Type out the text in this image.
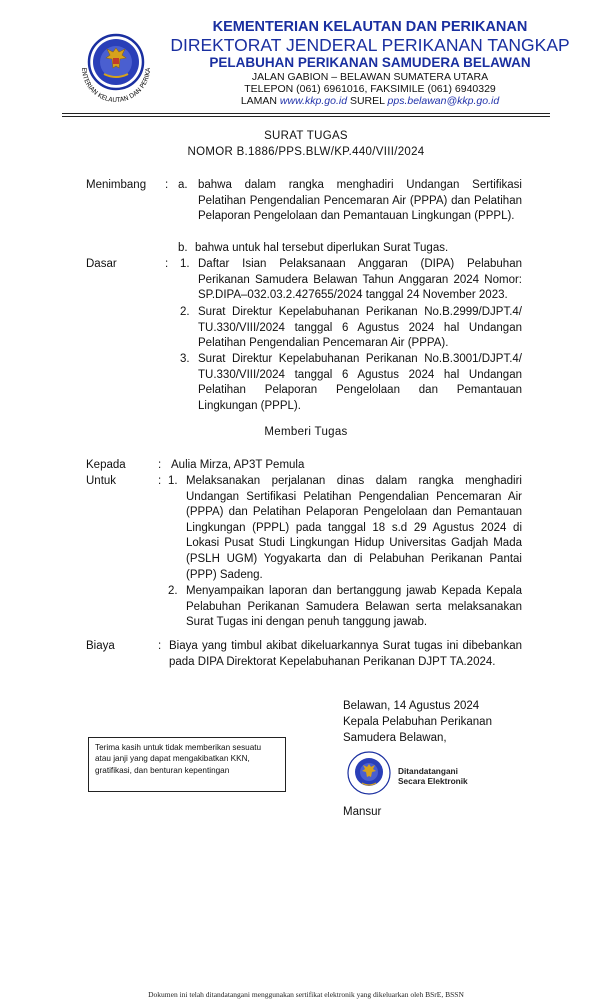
ENTERIAN KELAUTAN DAN PERIKA
KEMENTERIAN KELAUTAN DAN PERIKANAN
DIREKTORAT JENDERAL PERIKANAN TANGKAP
PELABUHAN PERIKANAN SAMUDERA BELAWAN
JALAN GABION – BELAWAN SUMATERA UTARA
TELEPON (061) 6961016, FAKSIMILE (061) 6940329
LAMAN www.kkp.go.id SUREL pps.belawan@kkp.go.id
SURAT TUGAS
NOMOR B.1886/PPS.BLW/KP.440/VIII/2024
Menimbang : a. bahwa dalam rangka menghadiri Undangan Sertifikasi Pelatihan Pengendalian Pencemaran Air (PPPA) dan Pelatihan Pelaporan Pengelolaan dan Pemantauan Lingkungan (PPPL).
b. bahwa untuk hal tersebut diperlukan Surat Tugas.
Dasar	: 1. Daftar Isian Pelaksanaan Anggaran (DIPA) Pelabuhan Perikanan Samudera Belawan Tahun Anggaran 2024 Nomor: SP.DIPA–032.03.2.427655/2024 tanggal 24 November 2023.
2. Surat Direktur Kepelabuhanan Perikanan No.B.2999/DJPT.4/ TU.330/VIII/2024 tanggal 6 Agustus 2024 hal Undangan Pelatihan Pengendalian Pencemaran Air (PPPA).
3. Surat Direktur Kepelabuhanan Perikanan No.B.3001/DJPT.4/ TU.330/VIII/2024 tanggal 6 Agustus 2024 hal Undangan Pelatihan Pelaporan Pengelolaan dan Pemantauan Lingkungan (PPPL).
Memberi Tugas
Kepada	: Aulia Mirza, AP3T Pemula
Untuk	: 1. Melaksanakan perjalanan dinas dalam rangka menghadiri Undangan Sertifikasi Pelatihan Pengendalian Pencemaran Air (PPPA) dan Pelatihan Pelaporan Pengelolaan dan Pemantauan Lingkungan (PPPL) pada tanggal 18 s.d 29 Agustus 2024 di Lokasi Pusat Studi Lingkungan Hidup Universitas Gadjah Mada (PSLH UGM) Yogyakarta dan di Pelabuhan Perikanan Pantai (PPP) Sadeng.
2. Menyampaikan laporan dan bertanggung jawab Kepada Kepala Pelabuhan Perikanan Samudera Belawan serta melaksanakan Surat Tugas ini dengan penuh tanggung jawab.
Biaya	: Biaya yang timbul akibat dikeluarkannya Surat tugas ini dibebankan pada DIPA Direktorat Kepelabuhanan Perikanan DJPT TA.2024.
Belawan, 14 Agustus 2024
Kepala Pelabuhan Perikanan
Samudera Belawan,
Ditandatangani
Secara Elektronik
Mansur
Terima kasih untuk tidak memberikan sesuatu atau janji yang dapat mengakibatkan KKN, gratifikasi, dan benturan kepentingan
Dokumen ini telah ditandatangani menggunakan sertifikat elektronik yang dikeluarkan oleh BSrE, BSSN
